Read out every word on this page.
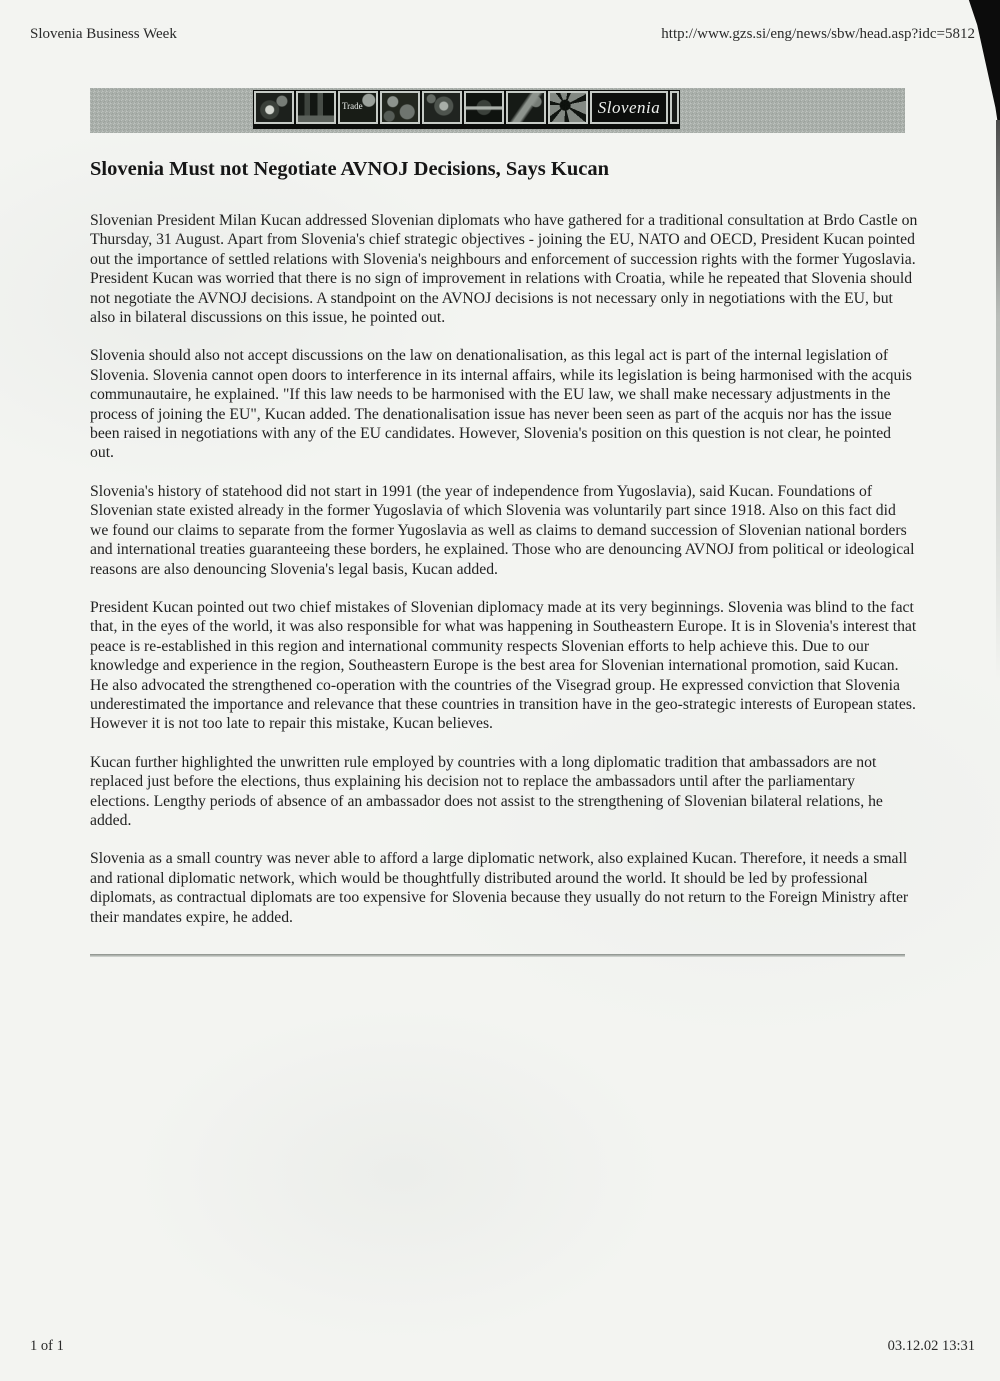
Slovenia Business Week	http://www.gzs.si/eng/news/sbw/head.asp?idc=5812
Trade	Slovenia
Slovenia Must not Negotiate AVNOJ Decisions, Says Kucan

Slovenian President Milan Kucan addressed Slovenian diplomats who have gathered for a traditional consultation at Brdo Castle on Thursday, 31 August. Apart from Slovenia's chief strategic objectives - joining the EU, NATO and OECD, President Kucan pointed out the importance of settled relations with Slovenia's neighbours and enforcement of succession rights with the former Yugoslavia. President Kucan was worried that there is no sign of improvement in relations with Croatia, while he repeated that Slovenia should not negotiate the AVNOJ decisions. A standpoint on the AVNOJ decisions is not necessary only in negotiations with the EU, but also in bilateral discussions on this issue, he pointed out.

Slovenia should also not accept discussions on the law on denationalisation, as this legal act is part of the internal legislation of Slovenia. Slovenia cannot open doors to interference in its internal affairs, while its legislation is being harmonised with the acquis communautaire, he explained. "If this law needs to be harmonised with the EU law, we shall make necessary adjustments in the process of joining the EU", Kucan added. The denationalisation issue has never been seen as part of the acquis nor has the issue been raised in negotiations with any of the EU candidates. However, Slovenia's position on this question is not clear, he pointed out.

Slovenia's history of statehood did not start in 1991 (the year of independence from Yugoslavia), said Kucan. Foundations of Slovenian state existed already in the former Yugoslavia of which Slovenia was voluntarily part since 1918. Also on this fact did we found our claims to separate from the former Yugoslavia as well as claims to demand succession of Slovenian national borders and international treaties guaranteeing these borders, he explained. Those who are denouncing AVNOJ from political or ideological reasons are also denouncing Slovenia's legal basis, Kucan added.

President Kucan pointed out two chief mistakes of Slovenian diplomacy made at its very beginnings. Slovenia was blind to the fact that, in the eyes of the world, it was also responsible for what was happening in Southeastern Europe. It is in Slovenia's interest that peace is re-established in this region and international community respects Slovenian efforts to help achieve this. Due to our knowledge and experience in the region, Southeastern Europe is the best area for Slovenian international promotion, said Kucan. He also advocated the strengthened co-operation with the countries of the Visegrad group. He expressed conviction that Slovenia underestimated the importance and relevance that these countries in transition have in the geo-strategic interests of European states. However it is not too late to repair this mistake, Kucan believes.

Kucan further highlighted the unwritten rule employed by countries with a long diplomatic tradition that ambassadors are not replaced just before the elections, thus explaining his decision not to replace the ambassadors until after the parliamentary elections. Lengthy periods of absence of an ambassador does not assist to the strengthening of Slovenian bilateral relations, he added.

Slovenia as a small country was never able to afford a large diplomatic network, also explained Kucan. Therefore, it needs a small and rational diplomatic network, which would be thoughtfully distributed around the world. It should be led by professional diplomats, as contractual diplomats are too expensive for Slovenia because they usually do not return to the Foreign Ministry after their mandates expire, he added.

1 of 1	03.12.02 13:31
